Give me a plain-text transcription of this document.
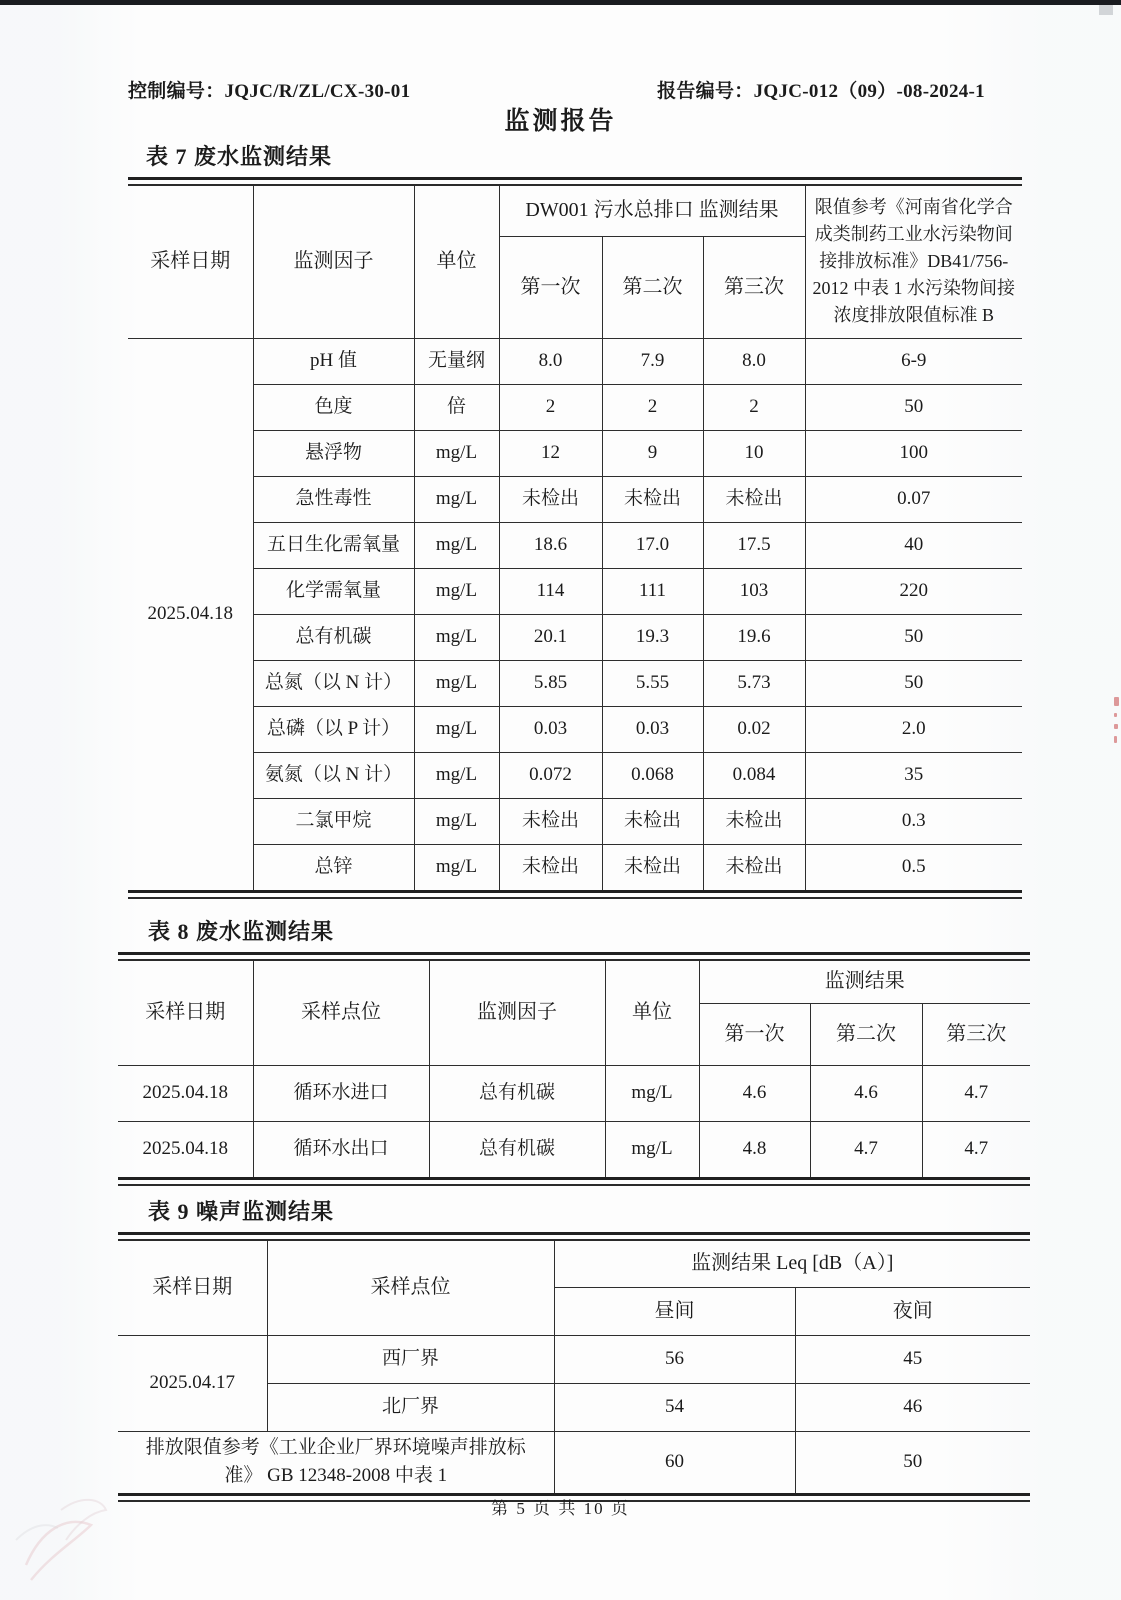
控制编号：JQJC/R/ZL/CX-30-01	报告编号：JQJC-012（09）-08-2024-1
监测报告
表 7 废水监测结果
采样日期	监测因子	单位	DW001 污水总排口 监测结果			限值参考《河南省化学合成类制药工业水污染物间接排放标准》DB41/756-2012 中表 1 水污染物间接浓度排放限值标准 B
			第一次	第二次	第三次	
2025.04.18	pH 值	无量纲	8.0	7.9	8.0	6-9
	色度	倍	2	2	2	50
	悬浮物	mg/L	12	9	10	100
	急性毒性	mg/L	未检出	未检出	未检出	0.07
	五日生化需氧量	mg/L	18.6	17.0	17.5	40
	化学需氧量	mg/L	114	111	103	220
	总有机碳	mg/L	20.1	19.3	19.6	50
	总氮（以 N 计）	mg/L	5.85	5.55	5.73	50
	总磷（以 P 计）	mg/L	0.03	0.03	0.02	2.0
	氨氮（以 N 计）	mg/L	0.072	0.068	0.084	35
	二氯甲烷	mg/L	未检出	未检出	未检出	0.3
	总锌	mg/L	未检出	未检出	未检出	0.5
表 8 废水监测结果
采样日期	采样点位	监测因子	单位	监测结果		
				第一次	第二次	第三次
2025.04.18	循环水进口	总有机碳	mg/L	4.6	4.6	4.7
2025.04.18	循环水出口	总有机碳	mg/L	4.8	4.7	4.7
表 9 噪声监测结果
采样日期	采样点位	监测结果 Leq [dB（A）]	
		昼间	夜间
2025.04.17	西厂界	56	45
	北厂界	54	46
排放限值参考《工业企业厂界环境噪声排放标准》 GB 12348-2008 中表 1		60	50
第 5 页 共 10 页
